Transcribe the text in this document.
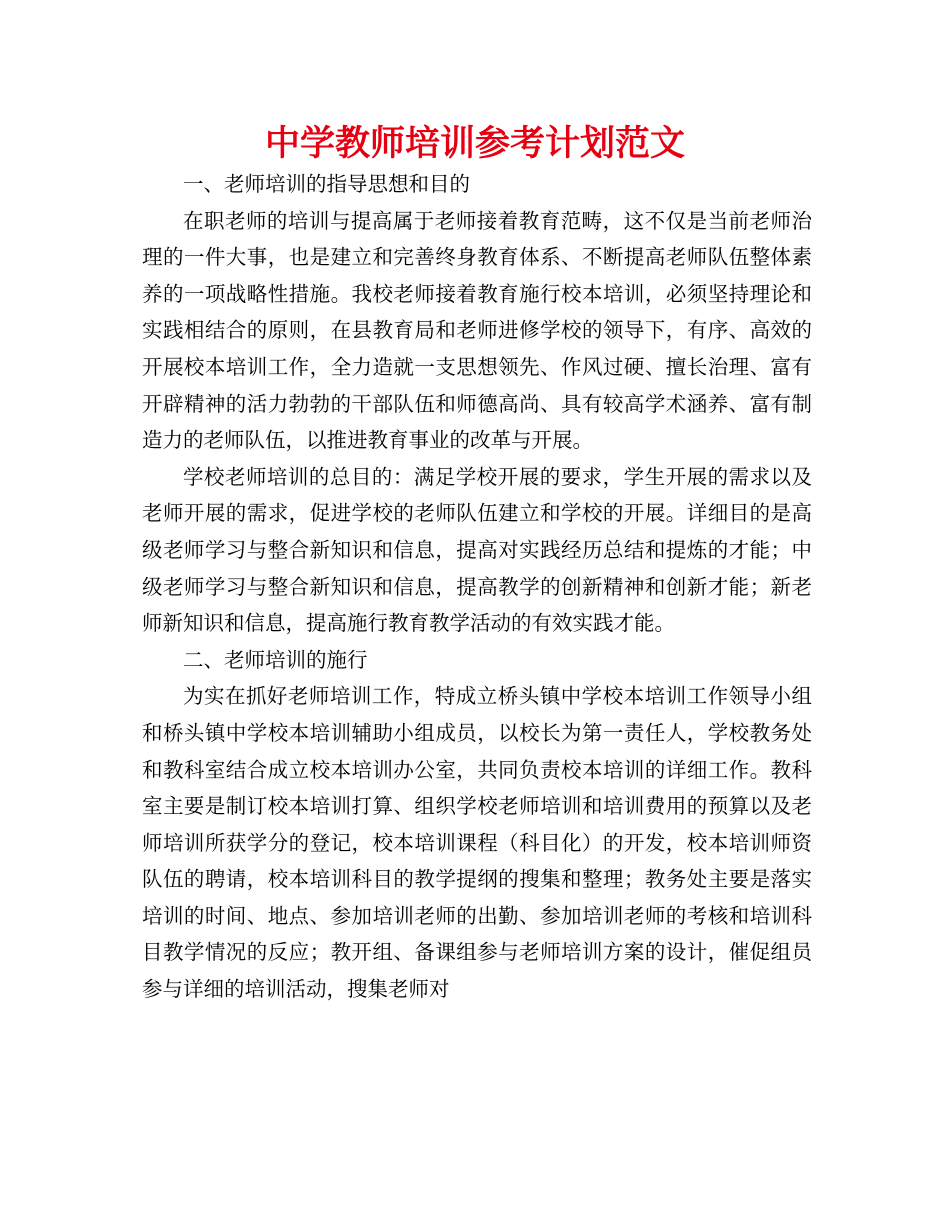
中学教师培训参考计划范文

一、老师培训的指导思想和目的

在职老师的培训与提高属于老师接着教育范畴，这不仅是当前老师治理的一件大事，也是建立和完善终身教育体系、不断提高老师队伍整体素养的一项战略性措施。我校老师接着教育施行校本培训，必须坚持理论和实践相结合的原则，在县教育局和老师进修学校的领导下，有序、高效的开展校本培训工作，全力造就一支思想领先、作风过硬、擅长治理、富有开辟精神的活力勃勃的干部队伍和师德高尚、具有较高学术涵养、富有制造力的老师队伍，以推进教育事业的改革与开展。

学校老师培训的总目的：满足学校开展的要求，学生开展的需求以及老师开展的需求，促进学校的老师队伍建立和学校的开展。详细目的是高级老师学习与整合新知识和信息，提高对实践经历总结和提炼的才能；中级老师学习与整合新知识和信息，提高教学的创新精神和创新才能；新老师新知识和信息，提高施行教育教学活动的有效实践才能。

二、老师培训的施行

为实在抓好老师培训工作，特成立桥头镇中学校本培训工作领导小组和桥头镇中学校本培训辅助小组成员，以校长为第一责任人，学校教务处和教科室结合成立校本培训办公室，共同负责校本培训的详细工作。教科室主要是制订校本培训打算、组织学校老师培训和培训费用的预算以及老师培训所获学分的登记，校本培训课程（科目化）的开发，校本培训师资队伍的聘请，校本培训科目的教学提纲的搜集和整理；教务处主要是落实培训的时间、地点、参加培训老师的出勤、参加培训老师的考核和培训科目教学情况的反应；教开组、备课组参与老师培训方案的设计，催促组员参与详细的培训活动，搜集老师对
